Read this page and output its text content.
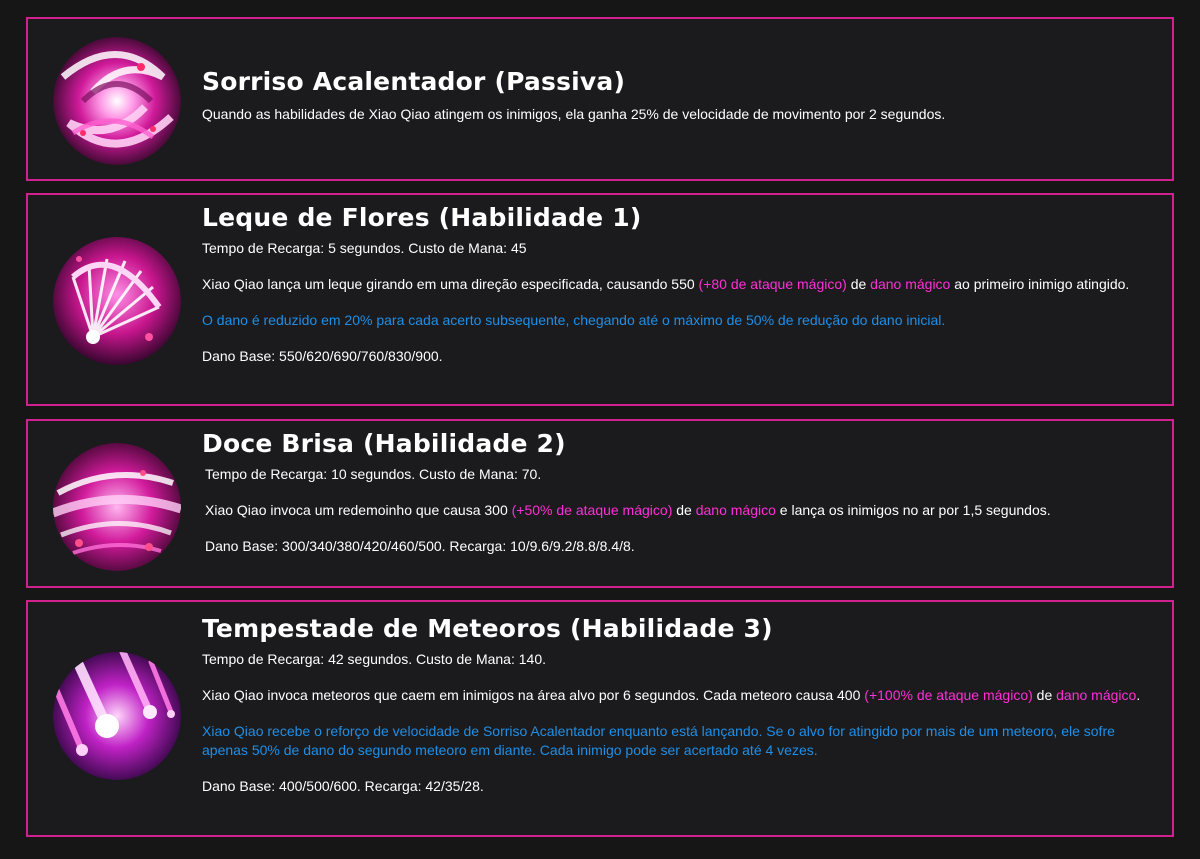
Sorriso Acalentador (Passiva)

Quando as habilidades de Xiao Qiao atingem os inimigos, ela ganha 25% de velocidade de movimento por 2 segundos.

Leque de Flores (Habilidade 1)

Tempo de Recarga: 5 segundos. Custo de Mana: 45

Xiao Qiao lança um leque girando em uma direção especificada, causando 550 (+80 de ataque mágico) de dano mágico ao primeiro inimigo atingido.

O dano é reduzido em 20% para cada acerto subsequente, chegando até o máximo de 50% de redução do dano inicial.

Dano Base: 550/620/690/760/830/900.

Doce Brisa (Habilidade 2)

Tempo de Recarga: 10 segundos. Custo de Mana: 70.

Xiao Qiao invoca um redemoinho que causa 300 (+50% de ataque mágico) de dano mágico e lança os inimigos no ar por 1,5 segundos.

Dano Base: 300/340/380/420/460/500. Recarga: 10/9.6/9.2/8.8/8.4/8.

Tempestade de Meteoros (Habilidade 3)

Tempo de Recarga: 42 segundos. Custo de Mana: 140.

Xiao Qiao invoca meteoros que caem em inimigos na área alvo por 6 segundos. Cada meteoro causa 400 (+100% de ataque mágico) de dano mágico.

Xiao Qiao recebe o reforço de velocidade de Sorriso Acalentador enquanto está lançando. Se o alvo for atingido por mais de um meteoro, ele sofre apenas 50% de dano do segundo meteoro em diante. Cada inimigo pode ser acertado até 4 vezes.

Dano Base: 400/500/600. Recarga: 42/35/28.
